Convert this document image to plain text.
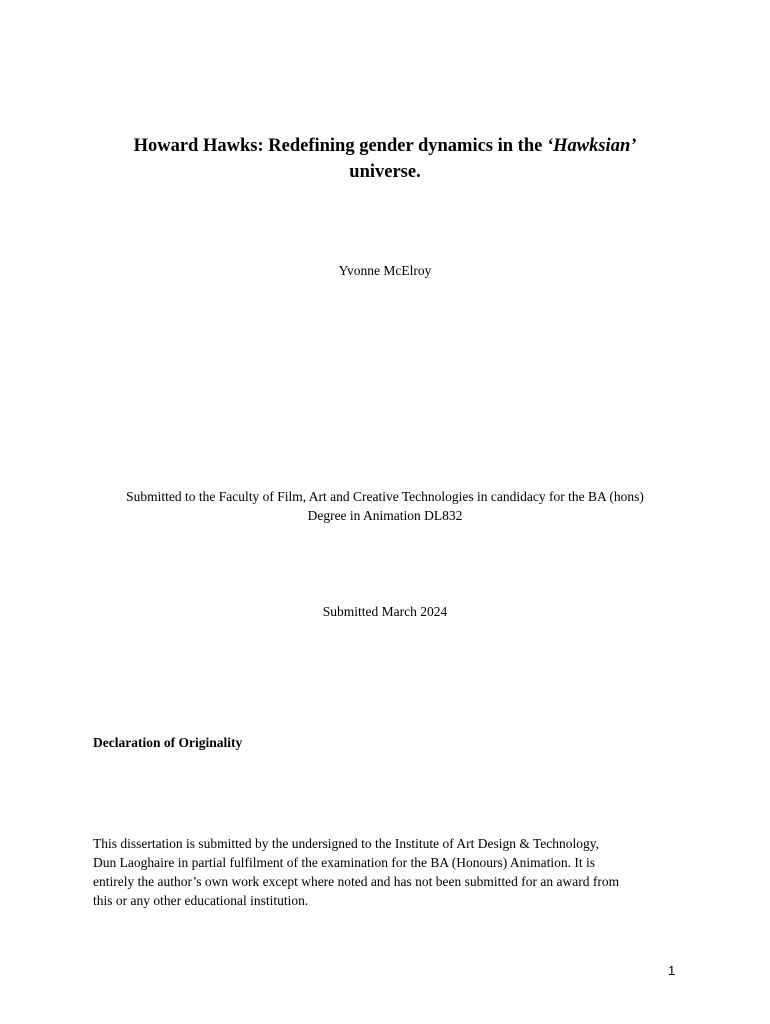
Howard Hawks: Redefining gender dynamics in the ‘Hawksian’
universe.

Yvonne McElroy

Submitted to the Faculty of Film, Art and Creative Technologies in candidacy for the BA (hons)
Degree in Animation DL832

Submitted March 2024

Declaration of Originality

This dissertation is submitted by the undersigned to the Institute of Art Design & Technology,
Dun Laoghaire in partial fulfilment of the examination for the BA (Honours) Animation. It is
entirely the author’s own work except where noted and has not been submitted for an award from
this or any other educational institution.

1
